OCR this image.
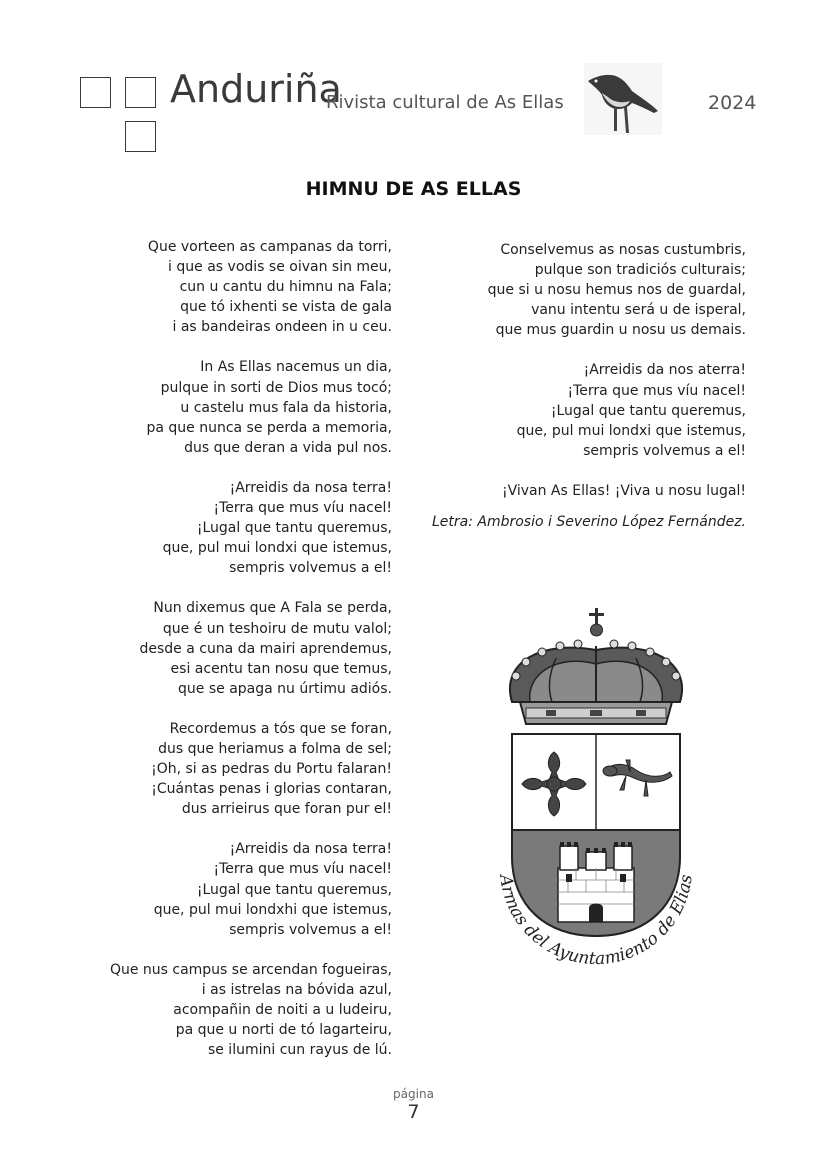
Anduriña
Rivista cultural de As Ellas	2024
HIMNU DE AS ELLAS
Que vorteen as campanas da torri,
i que as vodis se oivan sin meu,
cun u cantu du himnu na Fala;
que tó ixhenti se vista de gala
i as bandeiras ondeen in u ceu.
In As Ellas nacemus un dia,
pulque in sorti de Dios mus tocó;
u castelu mus fala da historia,
pa que nunca se perda a memoria,
dus que deran a vida pul nos.
¡Arreidis da nosa terra!
¡Terra que mus víu nacel!
¡Lugal que tantu queremus,
que, pul mui londxi que istemus,
sempris volvemus a el!
Nun dixemus que A Fala se perda,
que é un teshoiru de mutu valol;
desde a cuna da mairi aprendemus,
esi acentu tan nosu que temus,
que se apaga nu úrtimu adiós.
Recordemus a tós que se foran,
dus que heriamus a folma de sel;
¡Oh, si as pedras du Portu falaran!
¡Cuántas penas i glorias contaran,
dus arrieirus que foran pur el!
¡Arreidis da nosa terra!
¡Terra que mus víu nacel!
¡Lugal que tantu queremus,
que, pul mui londxhi que istemus,
sempris volvemus a el!
Que nus campus se arcendan fogueiras,
i as istrelas na bóvida azul,
acompañin de noiti a u ludeiru,
pa que u norti de tó lagarteiru,
se ilumini cun rayus de lú.
Conselvemus as nosas custumbris,
pulque son tradiciós culturais;
que si u nosu hemus nos de guardal,
vanu intentu será u de isperal,
que mus guardin u nosu us demais.
¡Arreidis da nos aterra!
¡Terra que mus víu nacel!
¡Lugal que tantu queremus,
que, pul mui londxi que istemus,
sempris volvemus a el!
¡Vivan As Ellas! ¡Viva u nosu lugal!
Letra: Ambrosio i Severino López Fernández.
Armas del Ayuntamiento de Elias
página
7
